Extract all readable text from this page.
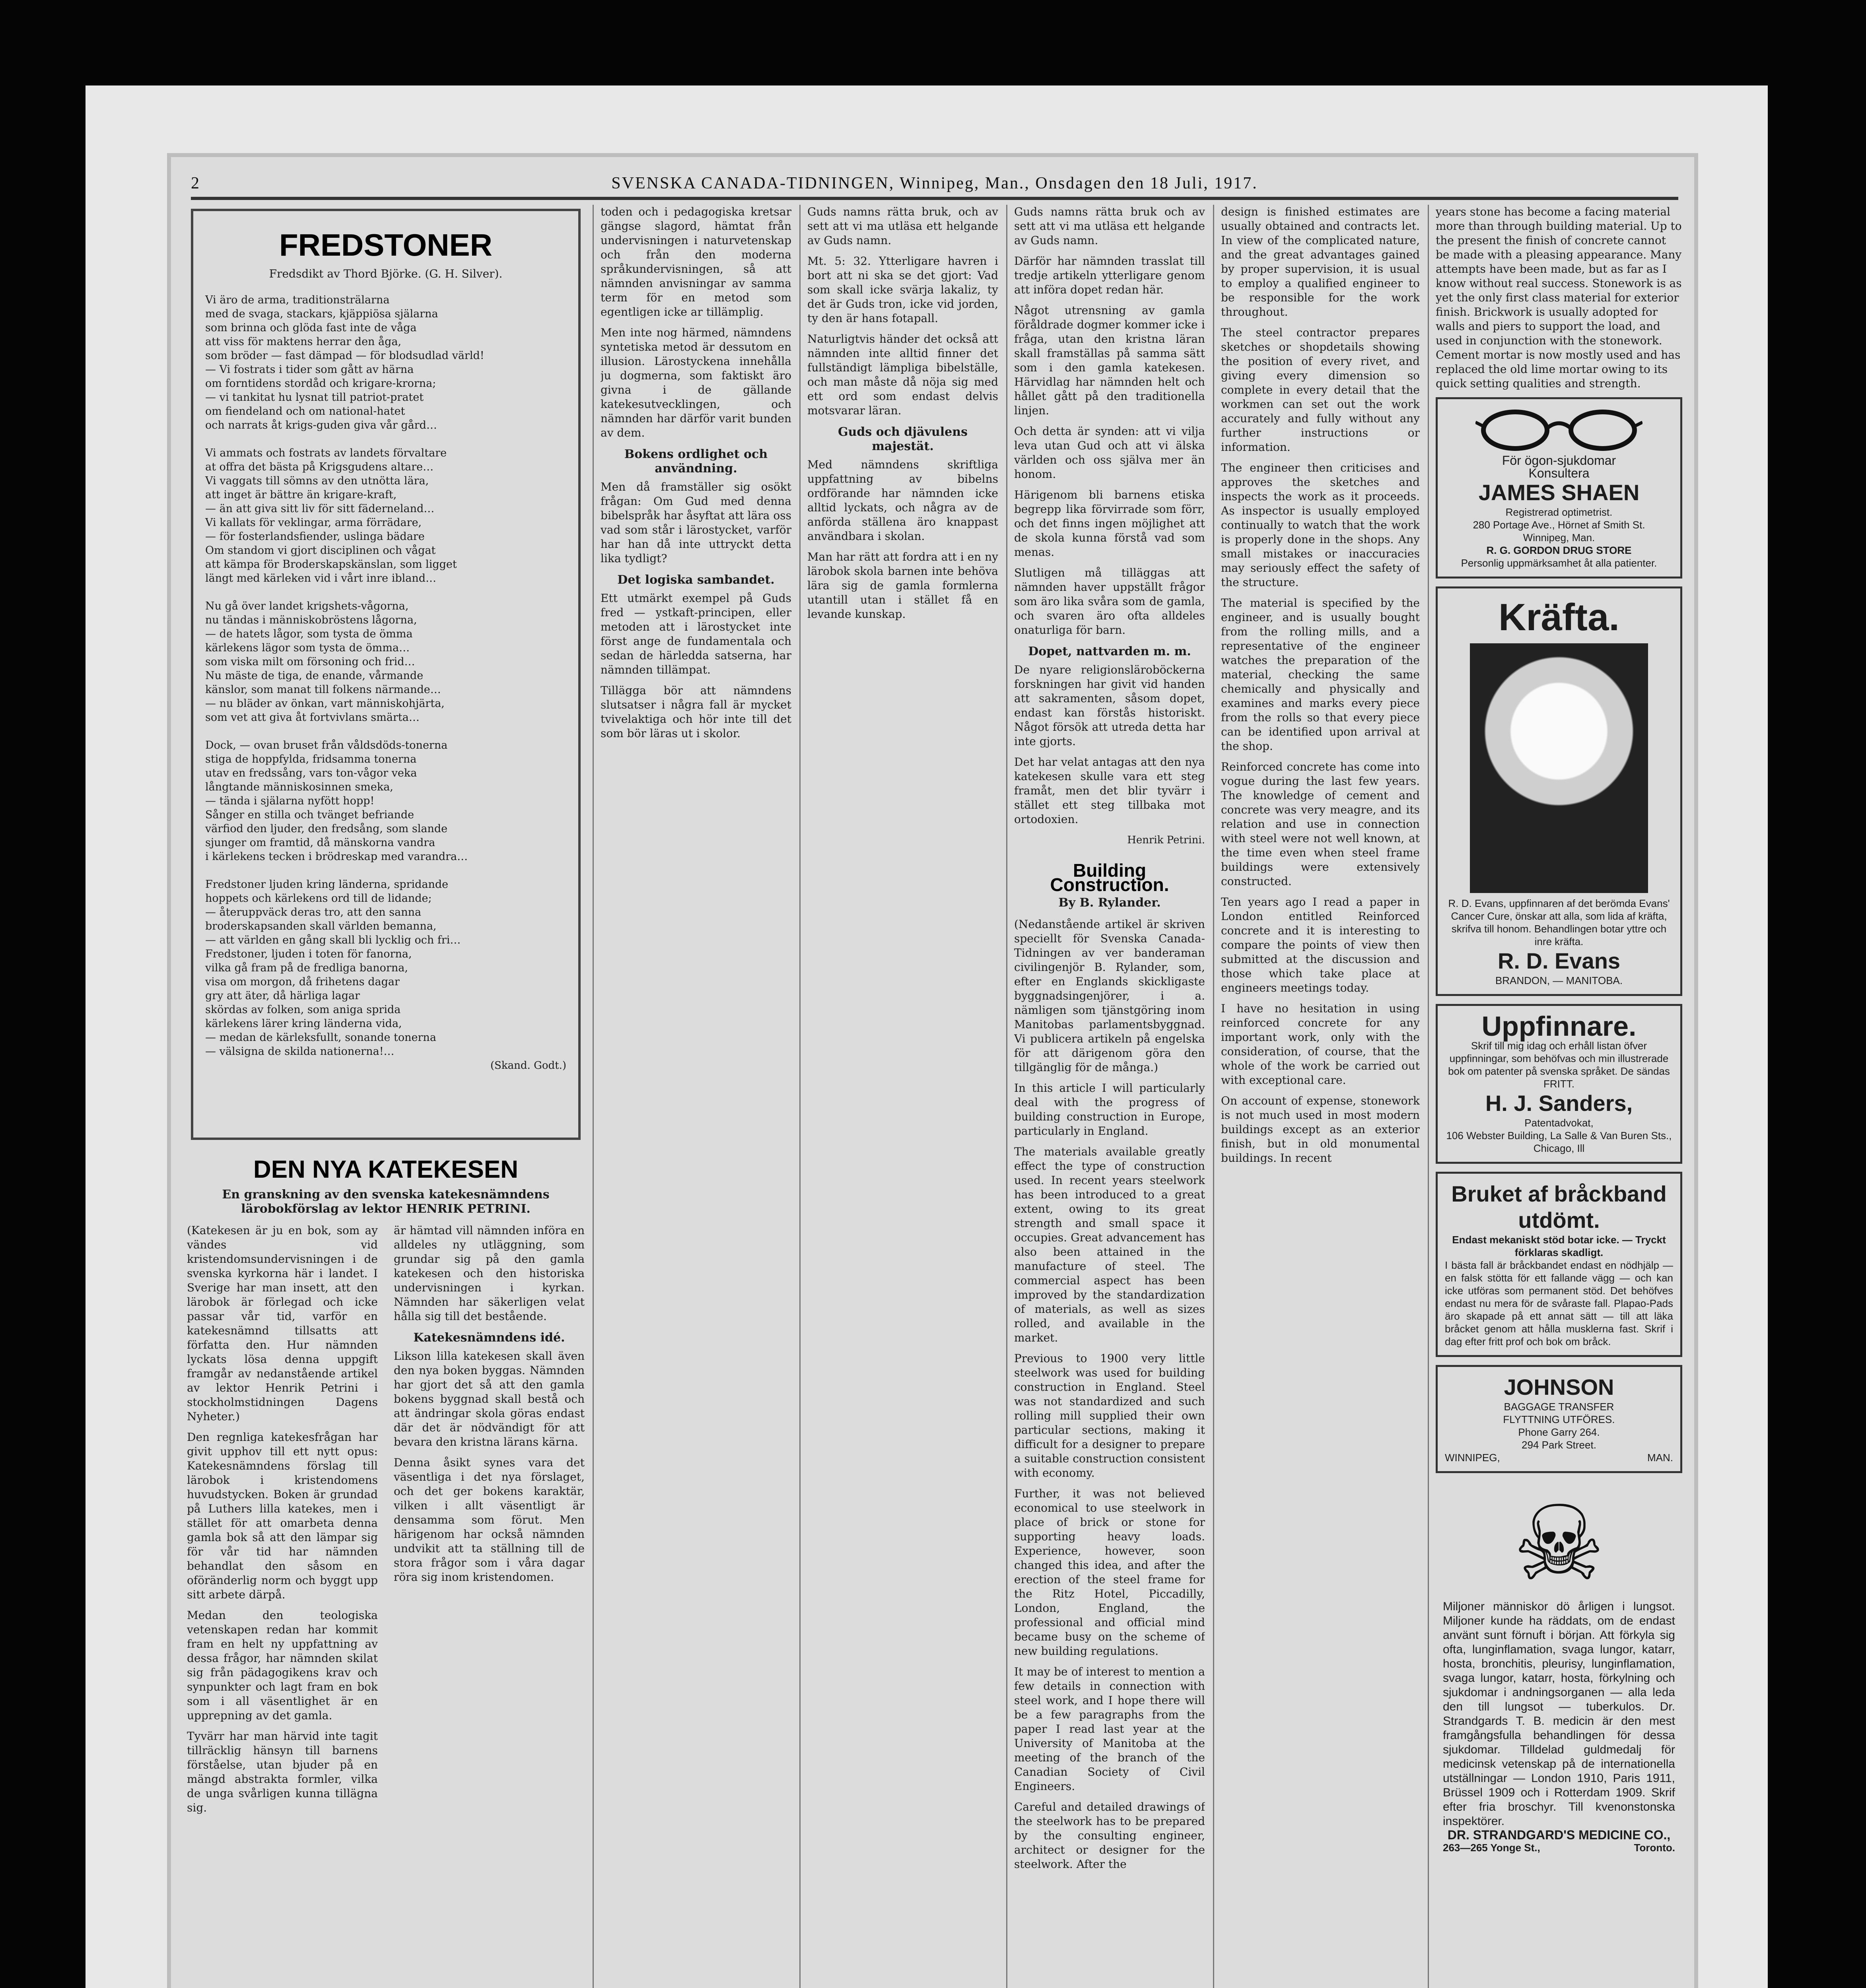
2	SVENSKA CANADA-TIDNINGEN, Winnipeg, Man., Onsdagen den 18 Juli, 1917.
FREDSTONER
Fredsdikt av Thord Björke. (G. H. Silver).
Vi äro de arma, traditionsträlarna
med de svaga, stackars, kjäppiösa själarna
som brinna och glöda fast inte de våga
att viss för maktens herrar den åga,
som bröder — fast dämpad — för blodsudlad värld!
— Vi fostrats i tider som gått av härna
om forntidens stordåd och krigare-krorna;
— vi tankitat hu lysnat till patriot-pratet
om fiendeland och om national-hatet
och narrats åt krigs-guden giva vår gård…

Vi ammats och fostrats av landets förvaltare
at offra det bästa på Krigsgudens altare…
Vi vaggats till sömns av den utnötta lära,
att inget är bättre än krigare-kraft,
— än att giva sitt liv för sitt fäderneland…
Vi kallats för veklingar, arma förrädare,
— för fosterlandsfiender, uslinga bädare
Om standom vi gjort disciplinen och vågat
att kämpa för Broderskapskänslan, som ligget
längt med kärleken vid i vårt inre ibland…

Nu gå över landet krigshets-vågorna,
nu tändas i människobröstens lågorna,
— de hatets lågor, som tysta de ömma
kärlekens lägor som tysta de ömma…
som viska milt om försoning och frid…
Nu mäste de tiga, de enande, vårmande
känslor, som manat till folkens närmande…
— nu bläder av önkan, vart människohjärta,
som vet att giva åt fortvivlans smärta…

Dock, — ovan bruset från våldsdöds-tonerna
stiga de hoppfylda, fridsamma tonerna
utav en fredssång, vars ton-vågor veka
långtande människosinnen smeka,
— tända i själarna nyfött hopp!
Sånger en stilla och tvänget befriande
värfiod den ljuder, den fredsång, som slande
sjunger om framtid, då mänskorna vandra
i kärlekens tecken i brödreskap med varandra…

Fredstoner ljuden kring länderna, spridande
hoppets och kärlekens ord till de lidande;
— återuppväck deras tro, att den sanna
broderskapsanden skall världen bemanna,
— att världen en gång skall bli lycklig och fri…
Fredstoner, ljuden i toten för fanorna,
vilka gå fram på de fredliga banorna,
visa om morgon, då frihetens dagar
gry att äter, då härliga lagar
skördas av folken, som aniga sprida
kärlekens lärer kring länderna vida,
— medan de kärleksfullt, sonande tonerna
— välsigna de skilda nationerna!…
(Skand. Godt.)
DEN NYA KATEKESEN
En granskning av den svenska katekesnämndens lärobokförslag av lektor HENRIK PETRINI.

(Katekesen är ju en bok, som ay vändes vid kristendomsundervisningen i de svenska kyrkorna här i landet. I Sverige har man insett, att den lärobok är förlegad och icke passar vår tid, varför en katekesnämnd tillsatts att författa den. Hur nämnden lyckats lösa denna uppgift framgår av nedanstående artikel av lektor Henrik Petrini i stockholmstidningen Dagens Nyheter.)

Den regnliga katekesfrågan har givit upphov till ett nytt opus: Katekesnämndens förslag till lärobok i kristendomens huvudstycken. Boken är grundad på Luthers lilla katekes, men i stället för att omarbeta denna gamla bok så att den lämpar sig för vår tid har nämnden behandlat den såsom en oföränderlig norm och byggt upp sitt arbete därpå.

Medan den teologiska vetenskapen redan har kommit fram en helt ny uppfattning av dessa frågor, har nämnden skilat sig från pädagogikens krav och synpunkter och lagt fram en bok som i all väsentlighet är en upprepning av det gamla.

Tyvärr har man härvid inte tagit tillräcklig hänsyn till barnens förståelse, utan bjuder på en mängd abstrakta formler, vilka de unga svårligen kunna tillägna sig.

är hämtad vill nämnden införa en alldeles ny utläggning, som grundar sig på den gamla katekesen och den historiska undervisningen i kyrkan. Nämnden har säkerligen velat hålla sig till det bestående.

Katekesnämndens idé.

Likson lilla katekesen skall även den nya boken byggas. Nämnden har gjort det så att den gamla bokens byggnad skall bestå och att ändringar skola göras endast där det är nödvändigt för att bevara den kristna lärans kärna.

Denna åsikt synes vara det väsentliga i det nya förslaget, och det ger bokens karaktär, vilken i allt väsentligt är densamma som förut. Men härigenom har också nämnden undvikit att ta ställning till de stora frågor som i våra dagar röra sig inom kristendomen.

toden och i pedagogiska kretsar gängse slagord, hämtat från undervisningen i naturvetenskap och från den moderna språkundervisningen, så att nämnden anvisningar av samma term för en metod som egentligen icke ar tillämplig.

Men inte nog härmed, nämndens syntetiska metod är dessutom en illusion. Lärostyckena innehålla ju dogmerna, som faktiskt äro givna i de gällande katekesutvecklingen, och nämnden har därför varit bunden av dem.

Bokens ordlighet och användning.

Men då framställer sig osökt frågan: Om Gud med denna bibelspråk har åsyftat att lära oss vad som står i lärostycket, varför har han då inte uttryckt detta lika tydligt?

Det logiska sambandet.

Ett utmärkt exempel på Guds fred — ystkaft-principen, eller metoden att i lärostycket inte först ange de fundamentala och sedan de härledda satserna, har nämnden tillämpat.

Tillägga bör att nämndens slutsatser i några fall är mycket tvivelaktiga och hör inte till det som bör läras ut i skolor.

Guds namns rätta bruk, och av sett att vi ma utläsa ett helgande av Guds namn.

Mt. 5: 32. Ytterligare havren i bort att ni ska se det gjort: Vad som skall icke svärja lakaliz, ty det är Guds tron, icke vid jorden, ty den är hans fotapall.

Naturligtvis händer det också att nämnden inte alltid finner det fullständigt lämpliga bibelställe, och man måste då nöja sig med ett ord som endast delvis motsvarar läran.

Guds och djävulens majestät.

Med nämndens skriftliga uppfattning av bibelns ordförande har nämnden icke alltid lyckats, och några av de anförda ställena äro knappast användbara i skolan.

Man har rätt att fordra att i en ny lärobok skola barnen inte behöva lära sig de gamla formlerna utantill utan i stället få en levande kunskap.

Guds namns rätta bruk och av sett att vi ma utläsa ett helgande av Guds namn.

Därför har nämnden trasslat till tredje artikeln ytterligare genom att införa dopet redan här.

Något utrensning av gamla föråldrade dogmer kommer icke i fråga, utan den kristna läran skall framställas på samma sätt som i den gamla katekesen. Härvidlag har nämnden helt och hållet gått på den traditionella linjen.

Och detta är synden: att vi vilja leva utan Gud och att vi älska världen och oss själva mer än honom.

Härigenom bli barnens etiska begrepp lika förvirrade som förr, och det finns ingen möjlighet att de skola kunna förstå vad som menas.

Slutligen må tilläggas att nämnden haver uppställt frågor som äro lika svåra som de gamla, och svaren äro ofta alldeles onaturliga för barn.

Dopet, nattvarden m. m.

De nyare religionsläroböckerna forskningen har givit vid handen att sakramenten, såsom dopet, endast kan förstås historiskt. Något försök att utreda detta har inte gjorts.

Det har velat antagas att den nya katekesen skulle vara ett steg framåt, men det blir tyvärr i stället ett steg tillbaka mot ortodoxien.

Henrik Petrini.
Building Construction.
By B. Rylander.

(Nedanstående artikel är skriven speciellt för Svenska Canada-Tidningen av ver banderaman civilingenjör B. Rylander, som, efter en Englands skickligaste byggnadsingenjörer, i a. nämligen som tjänstgöring inom Manitobas parlamentsbyggnad. Vi publicera artikeln på engelska för att därigenom göra den tillgänglig för de många.)

In this article I will particularly deal with the progress of building construction in Europe, particularly in England.

The materials available greatly effect the type of construction used. In recent years steelwork has been introduced to a great extent, owing to its great strength and small space it occupies. Great advancement has also been attained in the manufacture of steel. The commercial aspect has been improved by the standardization of materials, as well as sizes rolled, and available in the market.

Previous to 1900 very little steelwork was used for building construction in England. Steel was not standardized and such rolling mill supplied their own particular sections, making it difficult for a designer to prepare a suitable construction consistent with economy.

Further, it was not believed economical to use steelwork in place of brick or stone for supporting heavy loads. Experience, however, soon changed this idea, and after the erection of the steel frame for the Ritz Hotel, Piccadilly, London, England, the professional and official mind became busy on the scheme of new building regulations.

It may be of interest to mention a few details in connection with steel work, and I hope there will be a few paragraphs from the paper I read last year at the University of Manitoba at the meeting of the branch of the Canadian Society of Civil Engineers.

Careful and detailed drawings of the steelwork has to be prepared by the consulting engineer, architect or designer for the steelwork. After the

design is finished estimates are usually obtained and contracts let. In view of the complicated nature, and the great advantages gained by proper supervision, it is usual to employ a qualified engineer to be responsible for the work throughout.

The steel contractor prepares sketches or shopdetails showing the position of every rivet, and giving every dimension so complete in every detail that the workmen can set out the work accurately and fully without any further instructions or information.

The engineer then criticises and approves the sketches and inspects the work as it proceeds. As inspector is usually employed continually to watch that the work is properly done in the shops. Any small mistakes or inaccuracies may seriously effect the safety of the structure.

The material is specified by the engineer, and is usually bought from the rolling mills, and a representative of the engineer watches the preparation of the material, checking the same chemically and physically and examines and marks every piece from the rolls so that every piece can be identified upon arrival at the shop.

Reinforced concrete has come into vogue during the last few years. The knowledge of cement and concrete was very meagre, and its relation and use in connection with steel were not well known, at the time even when steel frame buildings were extensively constructed.

Ten years ago I read a paper in London entitled Reinforced concrete and it is interesting to compare the points of view then submitted at the discussion and those which take place at engineers meetings today.

I have no hesitation in using reinforced concrete for any important work, only with the consideration, of course, that the whole of the work be carried out with exceptional care.

On account of expense, stonework is not much used in most modern buildings except as an exterior finish, but in old monumental buildings. In recent

years stone has become a facing material more than through building material. Up to the present the finish of concrete cannot be made with a pleasing appearance. Many attempts have been made, but as far as I know without real success. Stonework is as yet the only first class material for exterior finish. Brickwork is usually adopted for walls and piers to support the load, and used in conjunction with the stonework. Cement mortar is now mostly used and has replaced the old lime mortar owing to its quick setting qualities and strength.

För ögon-sjukdomar
Konsultera
JAMES SHAEN
Registrerad optimetrist.
280 Portage Ave., Hörnet af Smith St.
Winnipeg, Man.
R. G. GORDON DRUG STORE
Personlig uppmärksamhet åt alla patienter.
Kräfta.
R. D. Evans, uppfinnaren af det berömda Evans' Cancer Cure, önskar att alla, som lida af kräfta, skrifva till honom. Behandlingen botar yttre och inre kräfta.
R. D. Evans
BRANDON, — MANITOBA.
Uppfinnare.
Skrif till mig idag och erhåll listan öfver uppfinningar, som behöfvas och min illustrerade bok om patenter på svenska språket. De sändas FRITT.
H. J. Sanders,
Patentadvokat,
106 Webster Building, La Salle & Van Buren Sts., Chicago, Ill
Bruket af bråckband utdömt.
Endast mekaniskt stöd botar icke. — Tryckt förklaras skadligt.
I bästa fall är bråckbandet endast en nödhjälp — en falsk stötta för ett fallande vägg — och kan icke utföras som permanent stöd. Det behöfves endast nu mera för de svåraste fall. Plapao-Pads äro skapade på ett annat sätt — till att läka bråcket genom att hålla musklerna fast. Skrif i dag efter fritt prof och bok om bråck.
JOHNSON
BAGGAGE TRANSFER
FLYTTNING UTFÖRES.
Phone Garry 264.
294 Park Street.
WINNIPEG,	MAN.
☠
Miljoner människor dö årligen i lungsot. Miljoner kunde ha räddats, om de endast använt sunt förnuft i början. Att förkyla sig ofta, lunginflamation, svaga lungor, katarr, hosta, bronchitis, pleurisy, lunginflamation, svaga lungor, katarr, hosta, förkylning och sjukdomar i andningsorganen — alla leda den till lungsot — tuberkulos. Dr. Strandgards T. B. medicin är den mest framgångsfulla behandlingen för dessa sjukdomar. Tilldelad guldmedalj för medicinsk vetenskap på de internationella utställningar — London 1910, Paris 1911, Brüssel 1909 och i Rotterdam 1909. Skrif efter fria broschyr. Till kvenonstonska inspektörer.
DR. STRANDGARD'S MEDICINE CO.,
263—265 Yonge St.,	Toronto.
